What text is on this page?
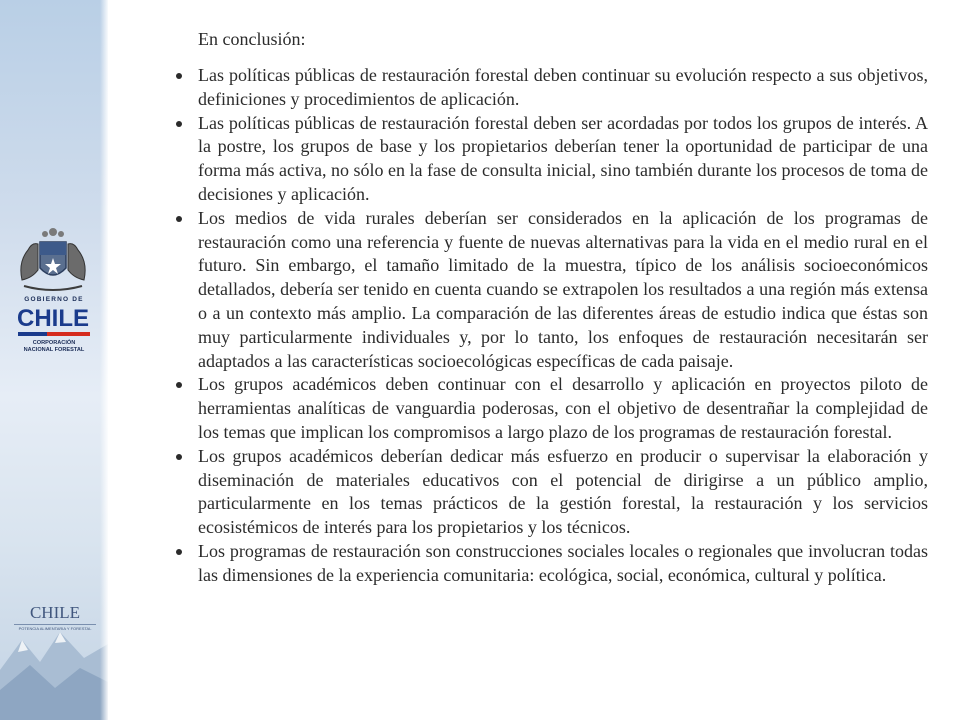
GOBIERNO DE
CHILE
CORPORACIÓN
NACIONAL FORESTAL
CHILE
POTENCIA ALIMENTARIA Y FORESTAL
En conclusión:
Las políticas públicas de restauración forestal deben continuar su evolución respecto a sus objetivos, definiciones y procedimientos de aplicación.
Las políticas públicas de restauración forestal deben ser acordadas por todos los grupos de interés. A la postre, los grupos de base y los propietarios deberían tener la oportunidad de participar de una forma más activa, no sólo en la fase de consulta inicial, sino también durante los procesos de toma de decisiones y aplicación.
Los medios de vida rurales deberían ser considerados en la aplicación de los programas de restauración como una referencia y fuente de nuevas alternativas para la vida en el medio rural en el futuro. Sin embargo, el tamaño limitado de la muestra, típico de los análisis socioeconómicos detallados, debería ser tenido en cuenta cuando se extrapolen los resultados a una región más extensa o a un contexto más amplio. La comparación de las diferentes áreas de estudio indica que éstas son muy particularmente individuales y, por lo tanto, los enfoques de restauración necesitarán ser adaptados a las características socioecológicas específicas de cada paisaje.
Los grupos académicos deben continuar con el desarrollo y aplicación en proyectos piloto de herramientas analíticas de vanguardia poderosas, con el objetivo de desentrañar la complejidad de los temas que implican los compromisos a largo plazo de los programas de restauración forestal.
Los grupos académicos deberían dedicar más esfuerzo en producir o supervisar la elaboración y diseminación de materiales educativos con el potencial de dirigirse a un público amplio, particularmente en los temas prácticos de la gestión forestal, la restauración y los servicios ecosistémicos de interés para los propietarios y los técnicos.
Los programas de restauración son construcciones sociales locales o regionales que involucran todas las dimensiones de la experiencia comunitaria: ecológica, social, económica, cultural y política.
